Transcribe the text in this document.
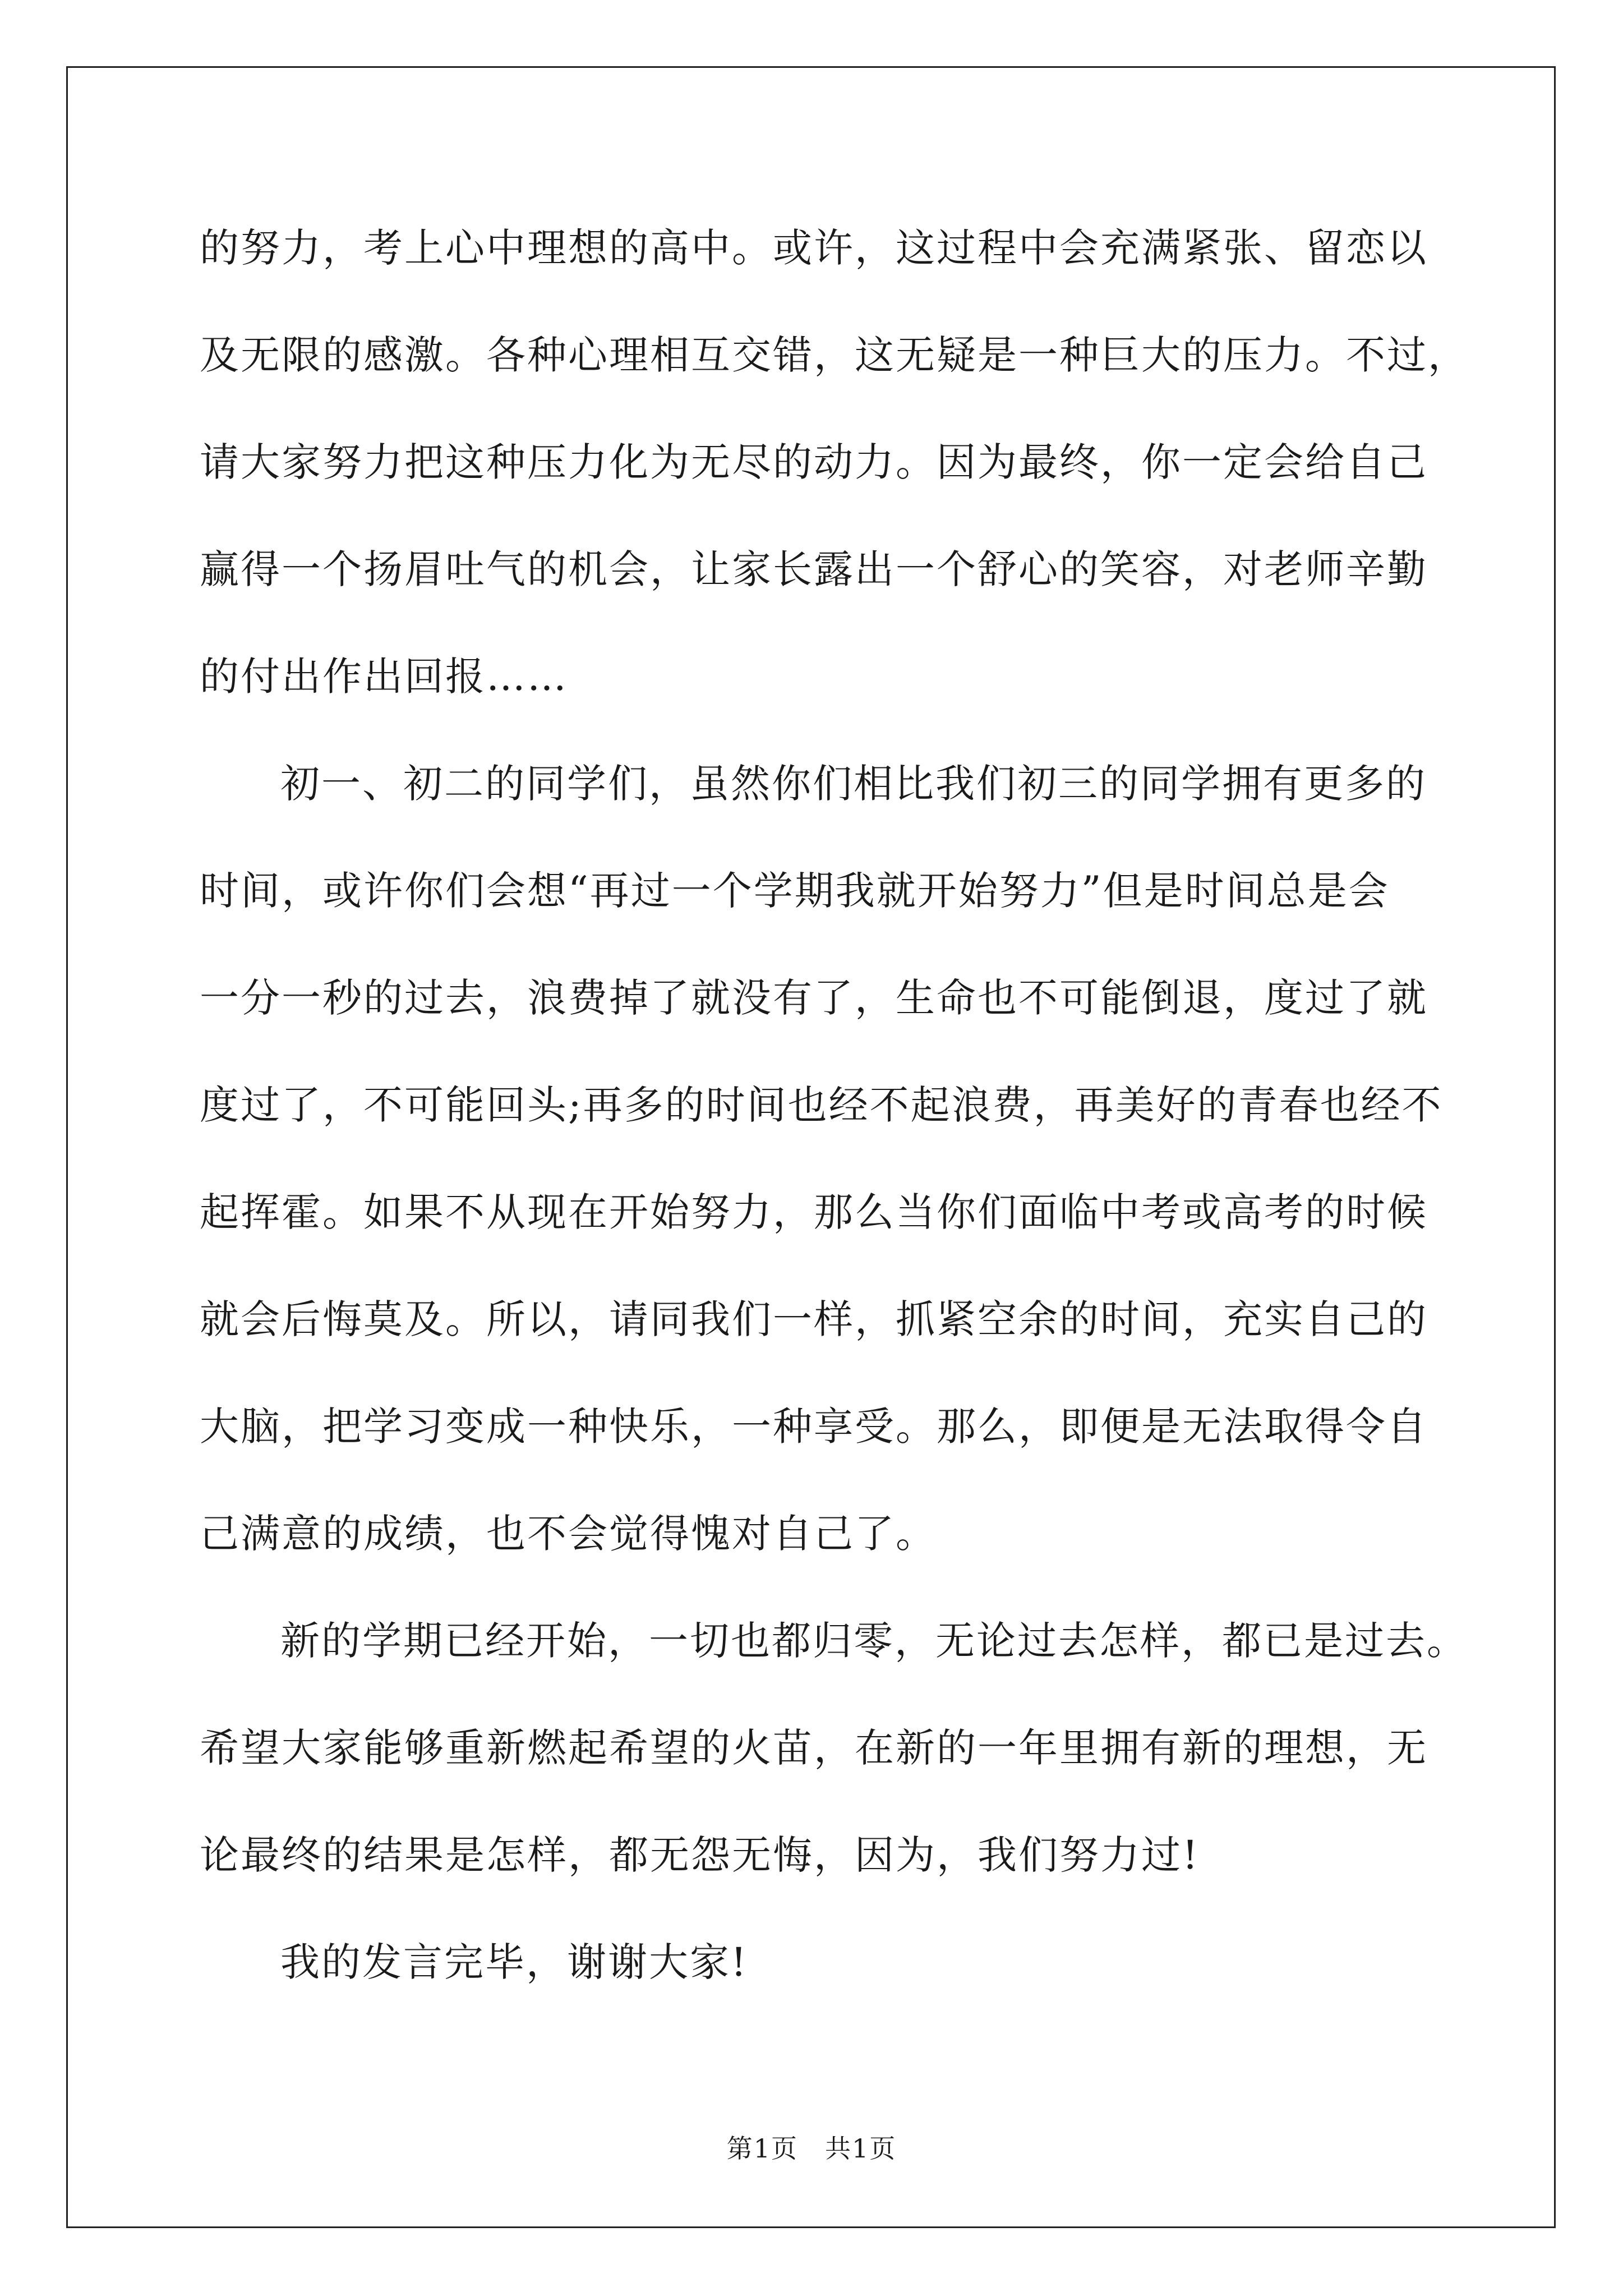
的努力，考上心中理想的高中。或许，这过程中会充满紧张、留恋以
及无限的感激。各种心理相互交错，这无疑是一种巨大的压力。不过，
请大家努力把这种压力化为无尽的动力。因为最终，你一定会给自己
赢得一个扬眉吐气的机会，让家长露出一个舒心的笑容，对老师辛勤
的付出作出回报……
初一、初二的同学们，虽然你们相比我们初三的同学拥有更多的
时间，或许你们会想“再过一个学期我就开始努力”但是时间总是会
一分一秒的过去，浪费掉了就没有了，生命也不可能倒退，度过了就
度过了，不可能回头;再多的时间也经不起浪费，再美好的青春也经不
起挥霍。如果不从现在开始努力，那么当你们面临中考或高考的时候
就会后悔莫及。所以，请同我们一样，抓紧空余的时间，充实自己的
大脑，把学习变成一种快乐，一种享受。那么，即便是无法取得令自
己满意的成绩，也不会觉得愧对自己了。
新的学期已经开始，一切也都归零，无论过去怎样，都已是过去。
希望大家能够重新燃起希望的火苗，在新的一年里拥有新的理想，无
论最终的结果是怎样，都无怨无悔，因为，我们努力过!
我的发言完毕，谢谢大家!
第1页　共1页
